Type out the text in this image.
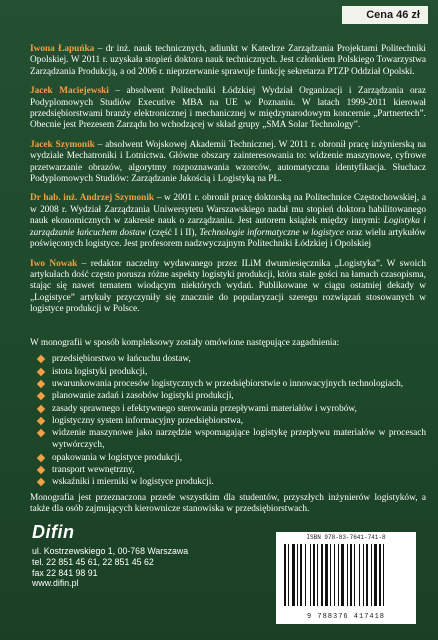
Cena 46 zł

Iwona Łapuńka – dr inż. nauk technicznych, adiunkt w Katedrze Zarządzania Projektami Politechniki Opolskiej. W 2011 r. uzyskała stopień doktora nauk technicznych. Jest członkiem Polskiego Towarzystwa Zarządzania Produkcją, a od 2006 r. nieprzerwanie sprawuje funkcję sekretarza PTZP Oddział Opolski.

Jacek Maciejewski – absolwent Politechniki Łódzkiej Wydział Organizacji i Zarządzania oraz Podyplomowych Studiów Executive MBA na UE w Poznaniu. W latach 1999-2011 kierował przedsiębiorstwami branży elektronicznej i mechanicznej w międzynarodowym koncernie „Partnertech”. Obecnie jest Prezesem Zarządu bo wchodzącej w skład grupy „SMA Solar Technology”.

Jacek Szymonik – absolwent Wojskowej Akademii Technicznej. W 2011 r. obronił pracę inżynierską na wydziale Mechatroniki i Lotnictwa. Główne obszary zainteresowania to: widzenie maszynowe, cyfrowe przetwarzanie obrazów, algorytmy rozpoznawania wzorców, automatyczna identyfikacja. Słuchacz Podyplomowych Studiów: Zarządzanie Jakością i Logistyką na PŁ.

Dr hab. inż. Andrzej Szymonik – w 2001 r. obronił pracę doktorską na Politechnice Częstochowskiej, a w 2008 r. Wydział Zarządzania Uniwersytetu Warszawskiego nadał mu stopień doktora habilitowanego nauk ekonomicznych w zakresie nauk o zarządzaniu. Jest autorem książek między innymi: Logistyka i zarządzanie łańcuchem dostaw (część I i II), Technologie informatyczne w logistyce oraz wielu artykułów poświęconych logistyce. Jest profesorem nadzwyczajnym Politechniki Łódzkiej i Opolskiej

Iwo Nowak – redaktor naczelny wydawanego przez ILiM dwumiesięcznika „Logistyka”. W swoich artykułach dość często porusza różne aspekty logistyki produkcji, która stale gości na łamach czasopisma, stając się nawet tematem wiodącym niektórych wydań. Publikowane w ciągu ostatniej dekady w „Logistyce” artykuły przyczyniły się znacznie do popularyzacji szeregu rozwiązań stosowanych w logistyce produkcji w Polsce.

W monografii w sposób kompleksowy zostały omówione następujące zagadnienia:

przedsiębiorstwo w łańcuchu dostaw,
istota logistyki produkcji,
uwarunkowania procesów logistycznych w przedsiębiorstwie o innowacyjnych technologiach,
planowanie zadań i zasobów logistyki produkcji,
zasady sprawnego i efektywnego sterowania przepływami materiałów i wyrobów,
logistyczny system informacyjny przedsiębiorstwa,
widzenie maszynowe jako narzędzie wspomagające logistykę przepływu materiałów w procesach wytwórczych,
opakowania w logistyce produkcji,
transport wewnętrzny,
wskaźniki i mierniki w logistyce produkcji.

Monografia jest przeznaczona przede wszystkim dla studentów, przyszłych inżynierów logistyków, a także dla osób zajmujących kierownicze stanowiska w przedsiębiorstwach.

Difin
ul. Kostrzewskiego 1, 00-768 Warszawa
tel. 22 851 45 61, 22 851 45 62
fax 22 841 98 91
www.difin.pl
ISBN 978-83-7641-741-8
9 788376 417418
